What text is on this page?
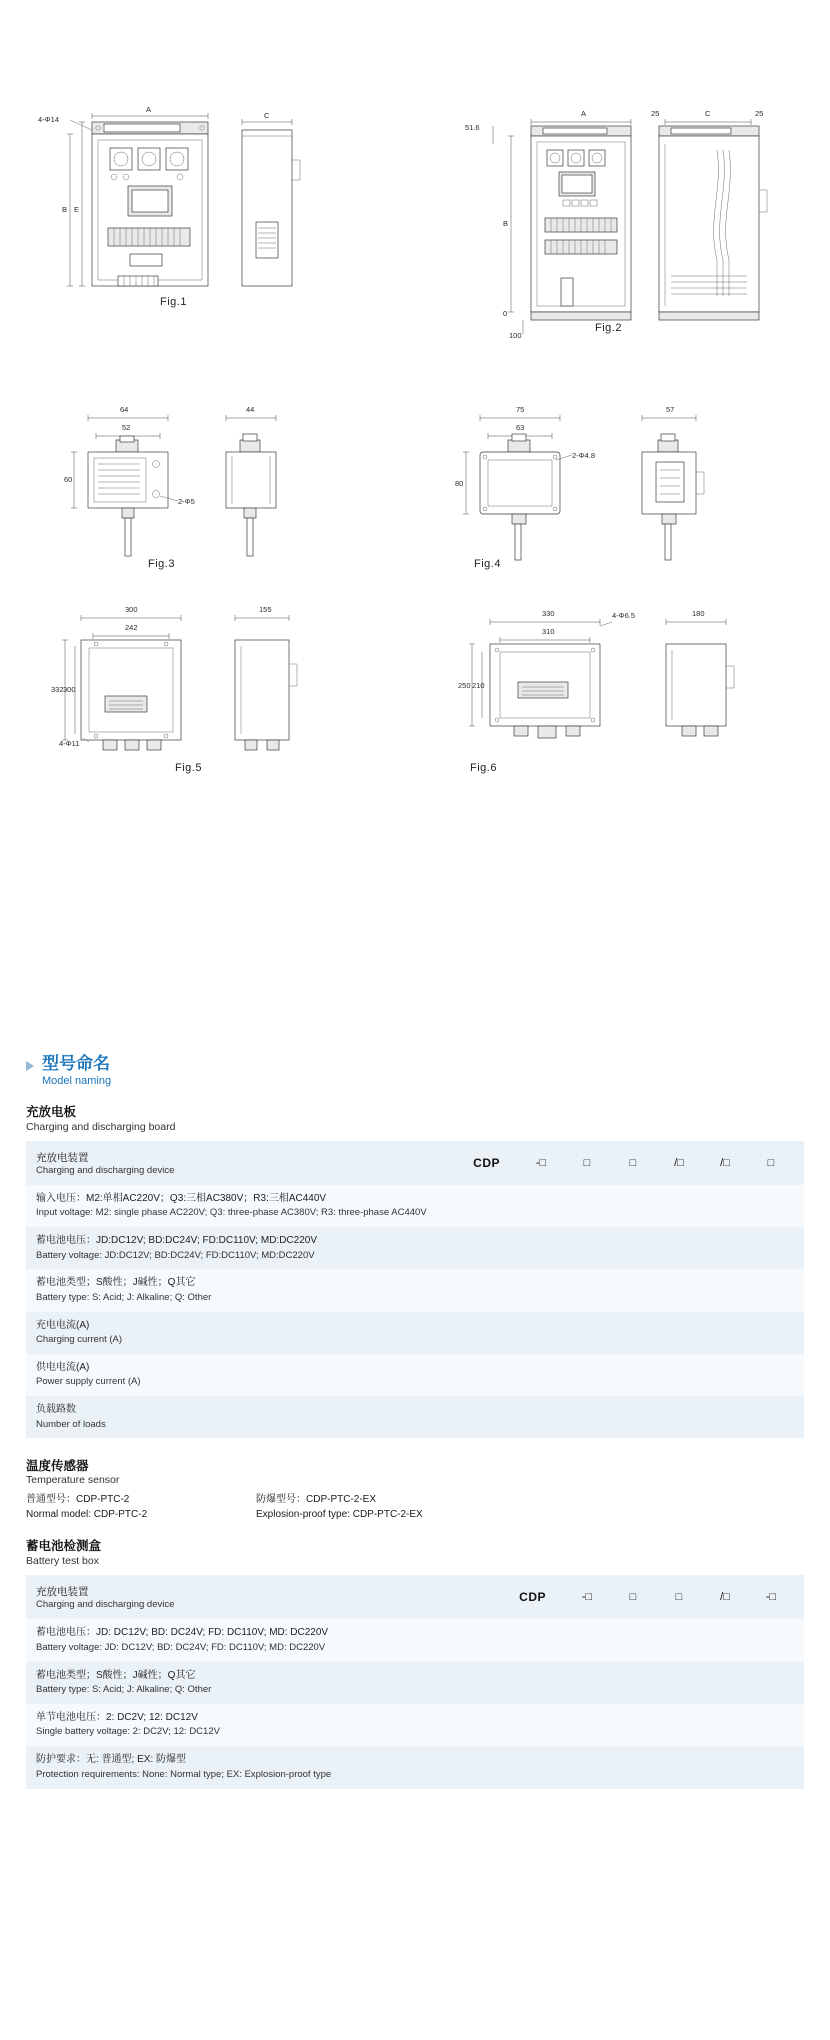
A
4-Φ14
B E
C
Fig.1
A
51.6
B
0
100
25	25
C
Fig.2
64
52
2-Φ5
60
44
Fig.3
75
63
2-Φ4.8
80
57
Fig.4
300
242
4-Φ11
332 300
155
Fig.5
330
310
4-Φ6.5
250 210
180
Fig.6
型号命名
Model naming
充放电板
Charging and discharging board
充放电装置
Charging and discharging device
CDP	-□	□	□	/□	/□	□
输入电压：M2:单相AC220V；Q3:三相AC380V；R3:三相AC440V
Input voltage: M2: single phase AC220V; Q3: three-phase AC380V; R3: three-phase AC440V
蓄电池电压：JD:DC12V; BD:DC24V; FD:DC110V; MD:DC220V
Battery voltage: JD:DC12V; BD:DC24V; FD:DC110V; MD:DC220V
蓄电池类型；S酸性；J碱性；Q其它
Battery type: S: Acid; J: Alkaline; Q: Other
充电电流(A)
Charging current (A)
供电电流(A)
Power supply current (A)
负载路数
Number of loads
温度传感器
Temperature sensor
普通型号：CDP-PTC-2
Normal model: CDP-PTC-2
防爆型号：CDP-PTC-2-EX
Explosion-proof type: CDP-PTC-2-EX
蓄电池检测盒
Battery test box
充放电装置
Charging and discharging device
CDP	-□	□	□	/□	-□
蓄电池电压：JD: DC12V; BD: DC24V; FD: DC110V; MD: DC220V
Battery voltage: JD: DC12V; BD: DC24V; FD: DC110V; MD: DC220V
蓄电池类型；S酸性；J碱性；Q其它
Battery type: S: Acid; J: Alkaline; Q: Other
单节电池电压：2: DC2V; 12: DC12V
Single battery voltage: 2: DC2V; 12: DC12V
防护要求：无: 普通型; EX: 防爆型
Protection requirements: None: Normal type; EX: Explosion-proof type
